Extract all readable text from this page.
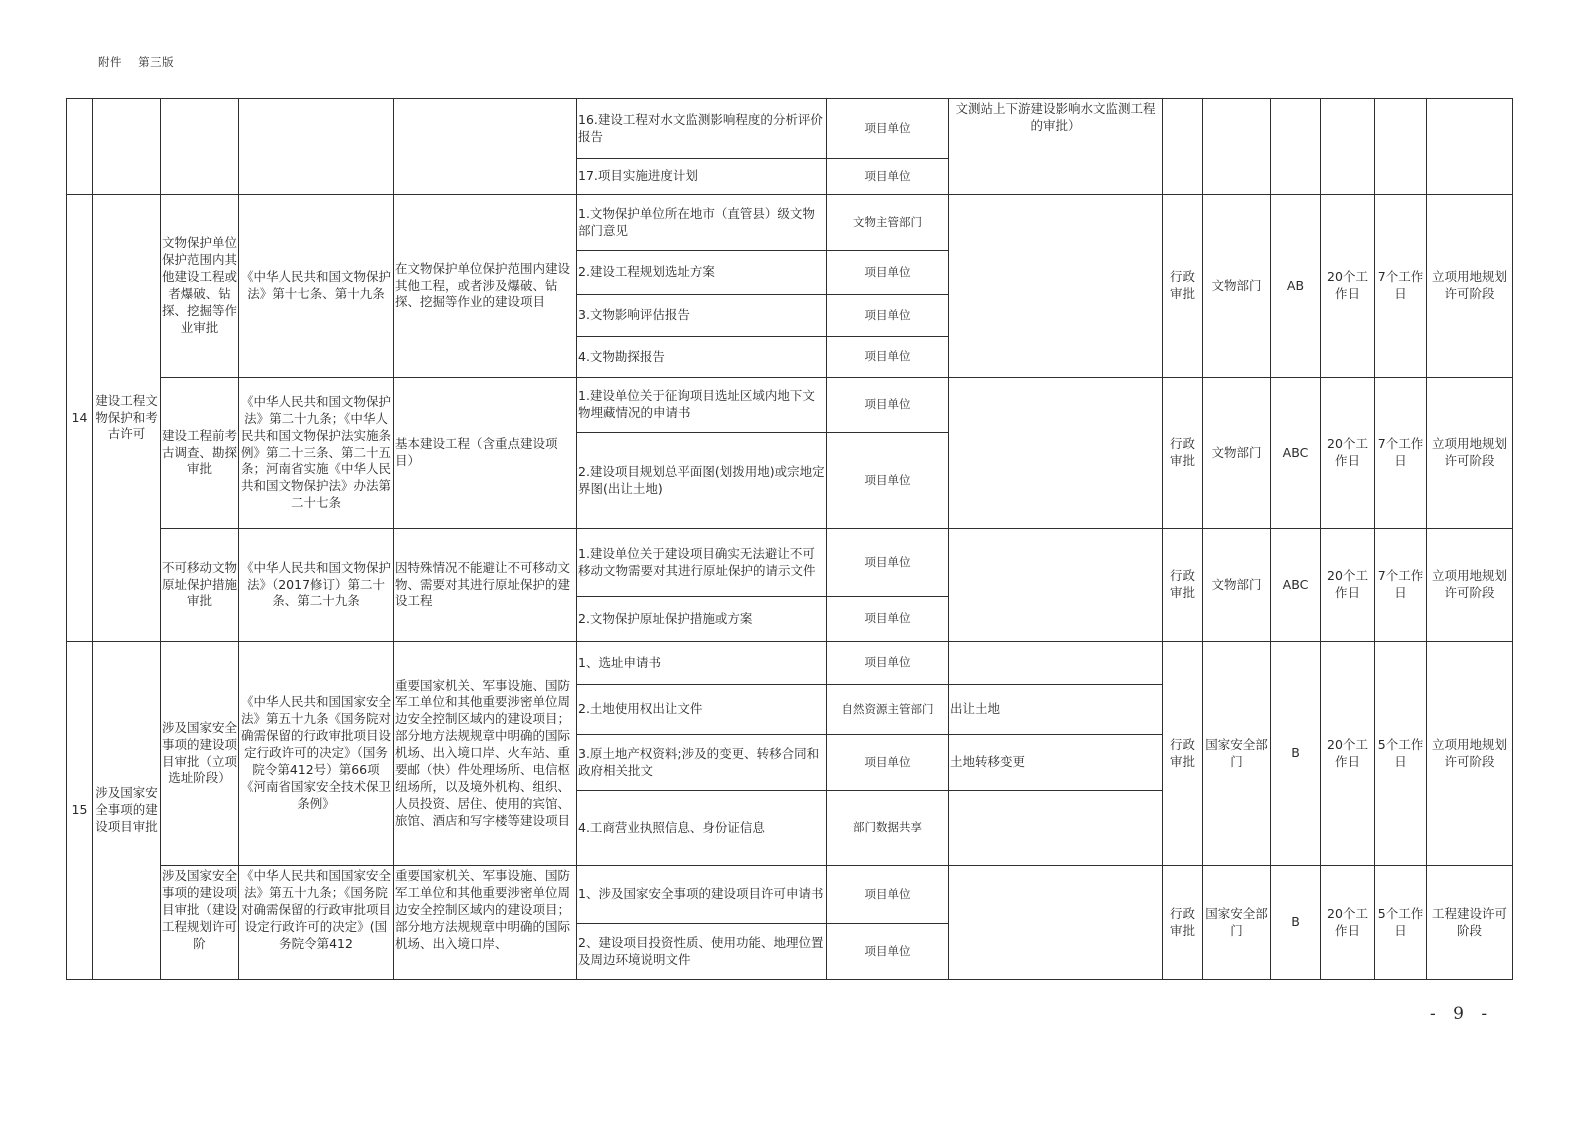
附件 第三版
					16.建设工程对水文监测影响程度的分析评价报告	项目单位	文测站上下游建设影响水文监测工程的审批）						
					17.项目实施进度计划	项目单位							
14	建设工程文物保护和考古许可	文物保护单位保护范围内其他建设工程或者爆破、钻探、挖掘等作业审批	《中华人民共和国文物保护法》第十七条、第十九条	在文物保护单位保护范围内建设其他工程，或者涉及爆破、钻探、挖掘等作业的建设项目	1.文物保护单位所在地市（直管县）级文物部门意见	文物主管部门		行政审批	文物部门	AB	20个工作日	7个工作日	立项用地规划许可阶段
					2.建设工程规划选址方案	项目单位							
					3.文物影响评估报告	项目单位							
					4.文物勘探报告	项目单位							
		建设工程前考古调查、勘探审批	《中华人民共和国文物保护法》第二十九条；《中华人民共和国文物保护法实施条例》第二十三条、第二十五条；河南省实施《中华人民共和国文物保护法》办法第二十七条	基本建设工程（含重点建设项目）	1.建设单位关于征询项目选址区域内地下文物埋藏情况的申请书	项目单位		行政审批	文物部门	ABC	20个工作日	7个工作日	立项用地规划许可阶段
					2.建设项目规划总平面图(划拨用地)或宗地定界图(出让土地)	项目单位							

		不可移动文物原址保护措施审批	《中华人民共和国文物保护法》（2017修订）第二十条、第二十九条	因特殊情况不能避让不可移动文物、需要对其进行原址保护的建设工程	1.建设单位关于建设项目确实无法避让不可移动文物需要对其进行原址保护的请示文件	项目单位		行政审批	文物部门	ABC	20个工作日	7个工作日	立项用地规划许可阶段
					2.文物保护原址保护措施或方案	项目单位							
15	涉及国家安全事项的建设项目审批	涉及国家安全事项的建设项目审批（立项选址阶段）	《中华人民共和国国家安全法》第五十九条《国务院对确需保留的行政审批项目设定行政许可的决定》（国务院令第412号）第66项《河南省国家安全技术保卫条例》	重要国家机关、军事设施、国防军工单位和其他重要涉密单位周边安全控制区域内的建设项目；部分地方法规规章中明确的国际机场、出入境口岸、火车站、重要邮（快）件处理场所、电信枢纽场所，以及境外机构、组织、人员投资、居住、使用的宾馆、旅馆、酒店和写字楼等建设项目	1、选址申请书	项目单位		行政审批	国家安全部门	B	20个工作日	5个工作日	立项用地规划许可阶段
					2.土地使用权出让文件	自然资源主管部门	出让土地						
					3.原土地产权资料;涉及的变更、转移合同和政府相关批文	项目单位	土地转移变更						
					4.工商营业执照信息、身份证信息	部门数据共享							
		涉及国家安全事项的建设项目审批（建设工程规划许可阶	《中华人民共和国国家安全法》第五十九条；《国务院对确需保留的行政审批项目设定行政许可的决定》(国务院令第412	重要国家机关、军事设施、国防军工单位和其他重要涉密单位周边安全控制区域内的建设项目；部分地方法规规章中明确的国际机场、出入境口岸、	1、涉及国家安全事项的建设项目许可申请书	项目单位		行政审批	国家安全部门	B	20个工作日	5个工作日	工程建设许可阶段
					2、建设项目投资性质、使用功能、地理位置及周边环境说明文件	项目单位							
- 9 -
